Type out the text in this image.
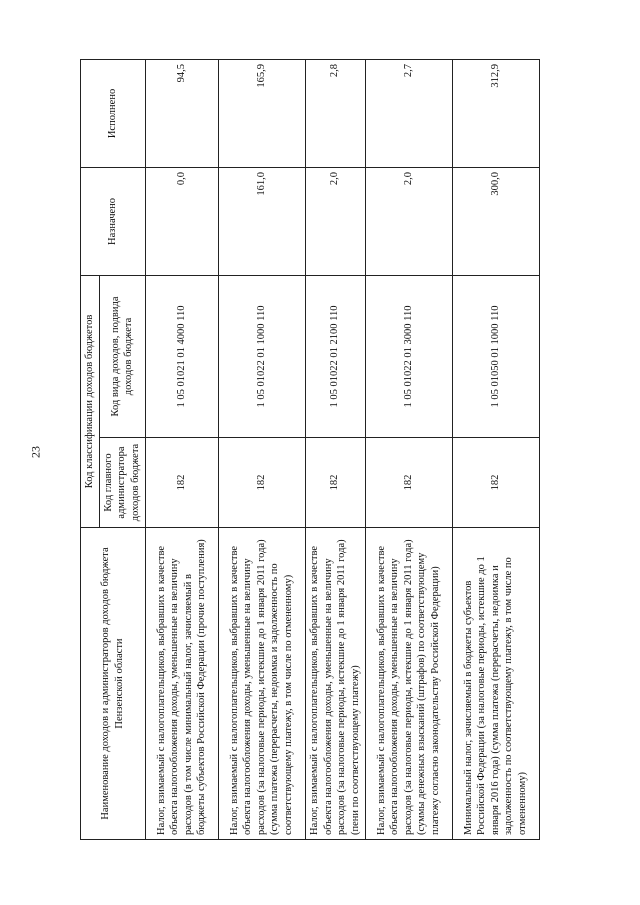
23
Наименование доходов и администраторов доходов бюджета Пензенской области	Код классификации доходов бюджетов		Назначено	Исполнено
	Код главного администратора доходов бюджета	Код вида доходов, подвида доходов бюджета		
Налог, взимаемый с налогоплательщиков, выбравших в качестве объекта налогообложения доходы, уменьшенные на величину расходов (в том числе минимальный налог, зачисляемый в бюджеты субъектов Российской Федерации (прочие поступления)	182	1 05 01021 01 4000 110	0,0	94,5
Налог, взимаемый с налогоплательщиков, выбравших в качестве объекта налогообложения доходы, уменьшенные на величину расходов (за налоговые периоды, истекшие до 1 января 2011 года) (сумма платежа (перерасчеты, недоимка и задолженность по соответствующему платежу, в том числе по отмененному)	182	1 05 01022 01 1000 110	161,0	165,9
Налог, взимаемый с налогоплательщиков, выбравших в качестве объекта налогообложения доходы, уменьшенные на величину расходов (за налоговые периоды, истекшие до 1 января 2011 года) (пени по соответствующему платежу)	182	1 05 01022 01 2100 110	2,0	2,8
Налог, взимаемый с налогоплательщиков, выбравших в качестве объекта налогообложения доходы, уменьшенные на величину расходов (за налоговые периоды, истекшие до 1 января 2011 года) (суммы денежных взысканий (штрафов) по соответствующему платежу согласно законодательству Российской Федерации)	182	1 05 01022 01 3000 110	2,0	2,7
Минимальный налог, зачисляемый в бюджеты субъектов Российской Федерации (за налоговые периоды, истекшие до 1 января 2016 года) (сумма платежа (перерасчеты, недоимка и задолженность по соответствующему платежу, в том числе по отмененному)	182	1 05 01050 01 1000 110	300,0	312,9
